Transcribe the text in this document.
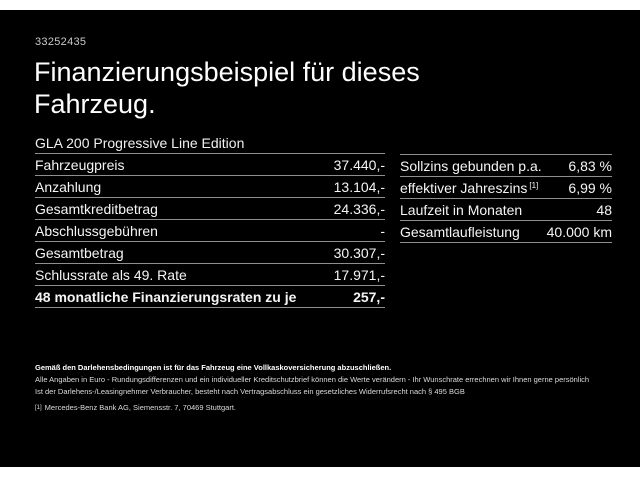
33252435
Finanzierungsbeispiel für dieses
Fahrzeug.
GLA 200 Progressive Line Edition
Fahrzeugpreis	37.440,-
Anzahlung	13.104,-
Gesamtkreditbetrag	24.336,-
Abschlussgebühren	-
Gesamtbetrag	30.307,-
Schlussrate als 49. Rate	17.971,-
48 monatliche Finanzierungsraten zu je	257,-
Sollzins gebunden p.a. 6,83 %
effektiver Jahreszins [1] 6,99 %
Laufzeit in Monaten	48
Gesamtlaufleistung 40.000 km
Gemäß den Darlehensbedingungen ist für das Fahrzeug eine Vollkaskoversicherung abzuschließen.
Alle Angaben in Euro - Rundungsdifferenzen und ein individueller Kreditschutzbrief können die Werte verändern - Ihr Wunschrate errechnen wir Ihnen gerne persönlich
Ist der Darlehens-/Leasingnehmer Verbraucher, besteht nach Vertragsabschluss ein gesetzliches Widerrufsrecht nach § 495 BGB
[1] Mercedes-Benz Bank AG, Siemensstr. 7, 70469 Stuttgart.
